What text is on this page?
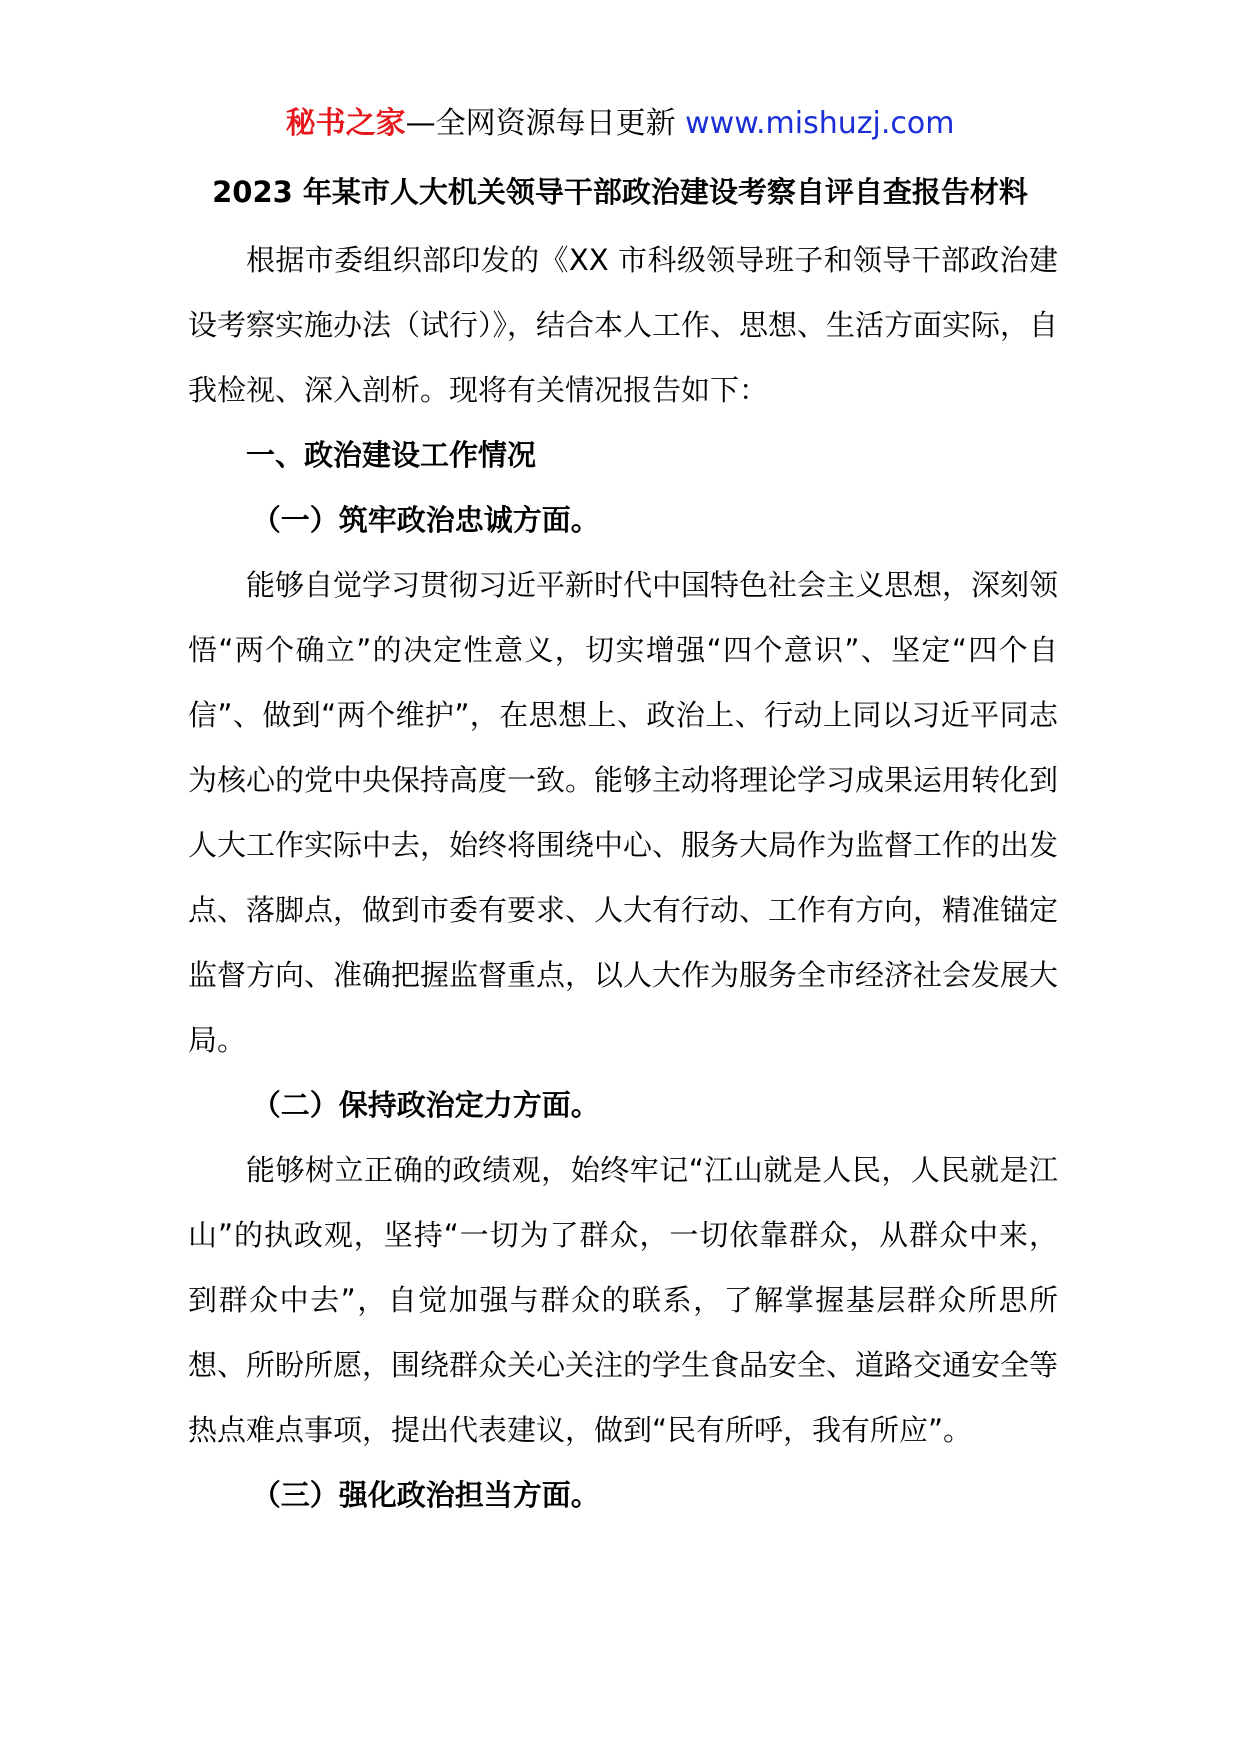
秘书之家—全网资源每日更新 www.mishuzj.com
2023 年某市人大机关领导干部政治建设考察自评自查报告材料

根据市委组织部印发的《XX 市科级领导班子和领导干部政治建设考察实施办法（试行）》，结合本人工作、思想、生活方面实际，自我检视、深入剖析。现将有关情况报告如下：

一、政治建设工作情况

（一）筑牢政治忠诚方面。

能够自觉学习贯彻习近平新时代中国特色社会主义思想，深刻领悟“两个确立”的决定性意义，切实增强“四个意识”、坚定“四个自信”、做到“两个维护”，在思想上、政治上、行动上同以习近平同志为核心的党中央保持高度一致。能够主动将理论学习成果运用转化到人大工作实际中去，始终将围绕中心、服务大局作为监督工作的出发点、落脚点，做到市委有要求、人大有行动、工作有方向，精准锚定监督方向、准确把握监督重点，以人大作为服务全市经济社会发展大局。

（二）保持政治定力方面。

能够树立正确的政绩观，始终牢记“江山就是人民，人民就是江山”的执政观，坚持“一切为了群众，一切依靠群众，从群众中来，到群众中去”，自觉加强与群众的联系，了解掌握基层群众所思所想、所盼所愿，围绕群众关心关注的学生食品安全、道路交通安全等热点难点事项，提出代表建议，做到“民有所呼，我有所应”。

（三）强化政治担当方面。
